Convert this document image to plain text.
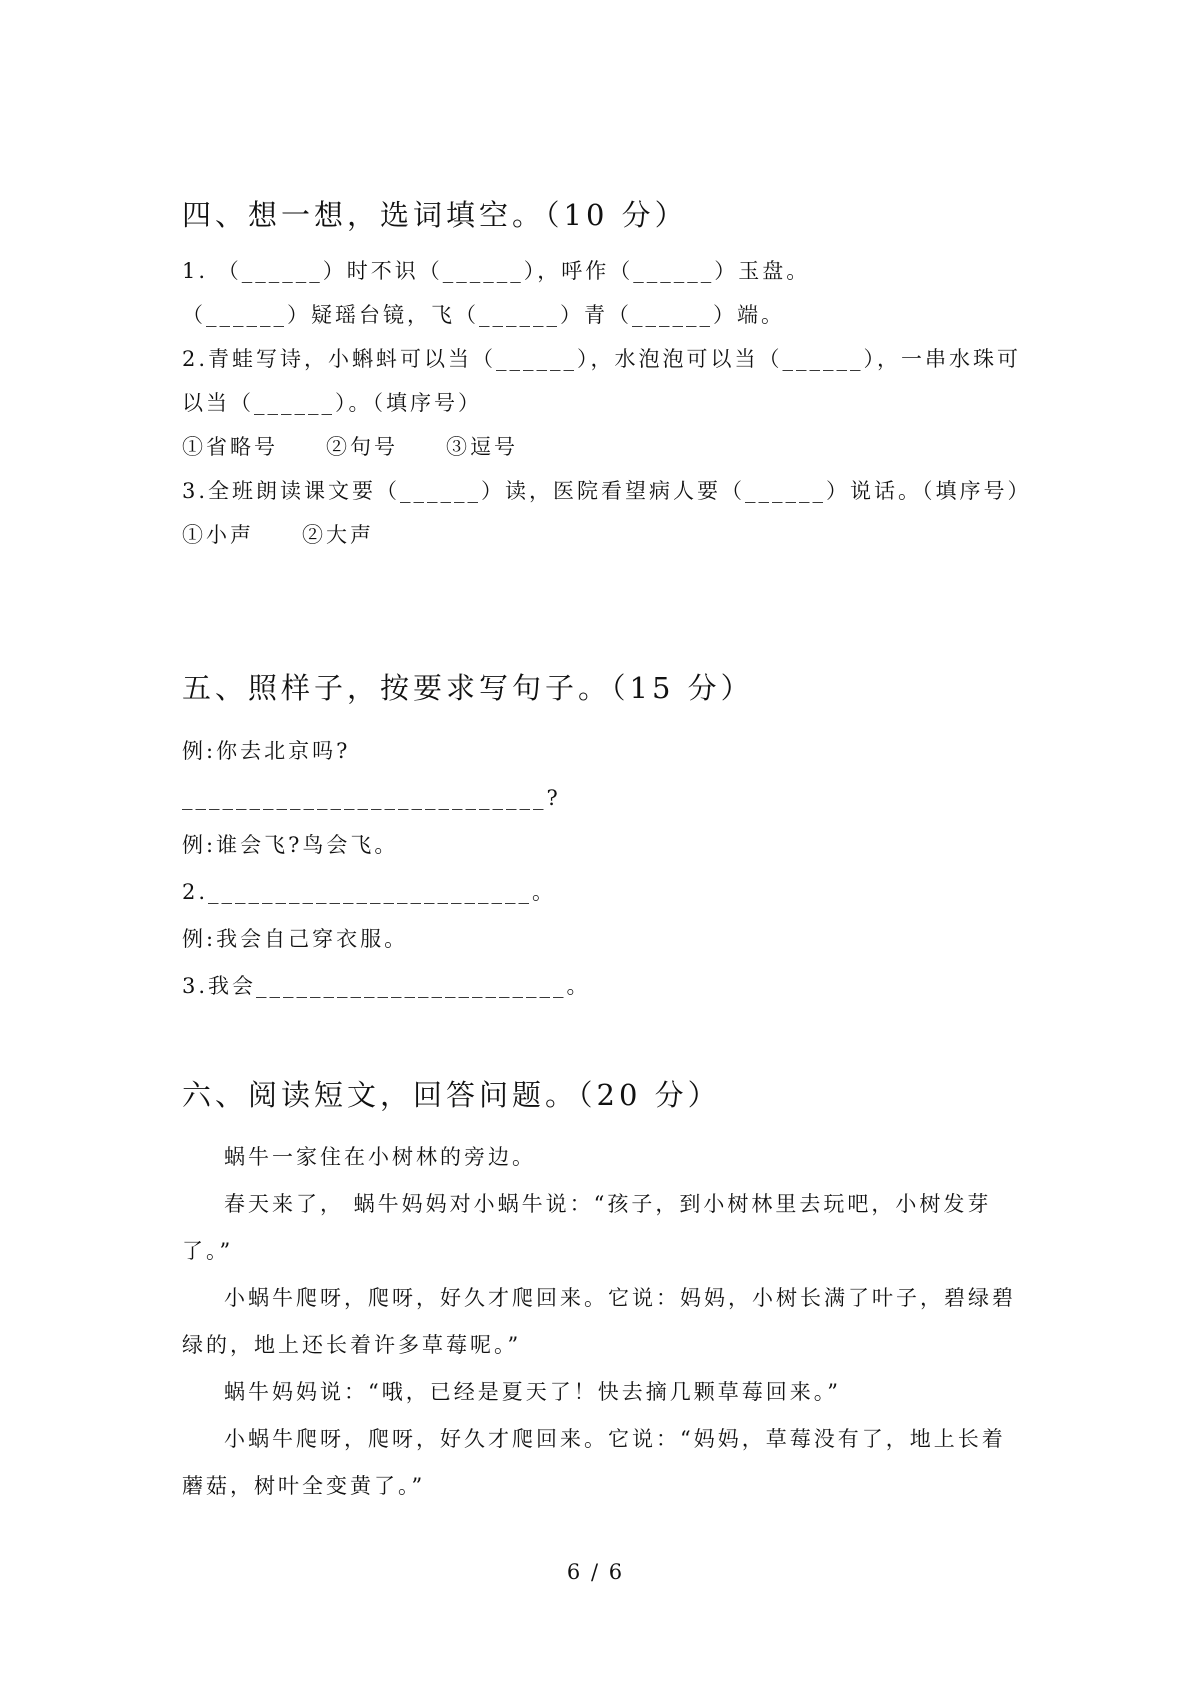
四、想一想，选词填空。（10 分）
1. （______）时不识（______），呼作（______）玉盘。
（______）疑瑶台镜，飞（______）青（______）端。
2.青蛙写诗，小蝌蚪可以当（______），水泡泡可以当（______），一串水珠可
以当（______）。（填序号）
①省略号　　②句号　　③逗号
3.全班朗读课文要（______）读，医院看望病人要（______）说话。（填序号）
①小声　　②大声
五、照样子，按要求写句子。（15 分）
例:你去北京吗?
___________________________?
例:谁会飞?鸟会飞。
2.________________________。
例:我会自己穿衣服。
3.我会_______________________。
六、阅读短文，回答问题。（20 分）
蜗牛一家住在小树林的旁边。
春天来了， 蜗牛妈妈对小蜗牛说：“孩子，到小树林里去玩吧，小树发芽
了。”
小蜗牛爬呀，爬呀，好久才爬回来。它说：妈妈，小树长满了叶子，碧绿碧
绿的，地上还长着许多草莓呢。”
蜗牛妈妈说：“哦，已经是夏天了！快去摘几颗草莓回来。”
小蜗牛爬呀，爬呀，好久才爬回来。它说：“妈妈，草莓没有了，地上长着
蘑菇，树叶全变黄了。”
6 / 6
